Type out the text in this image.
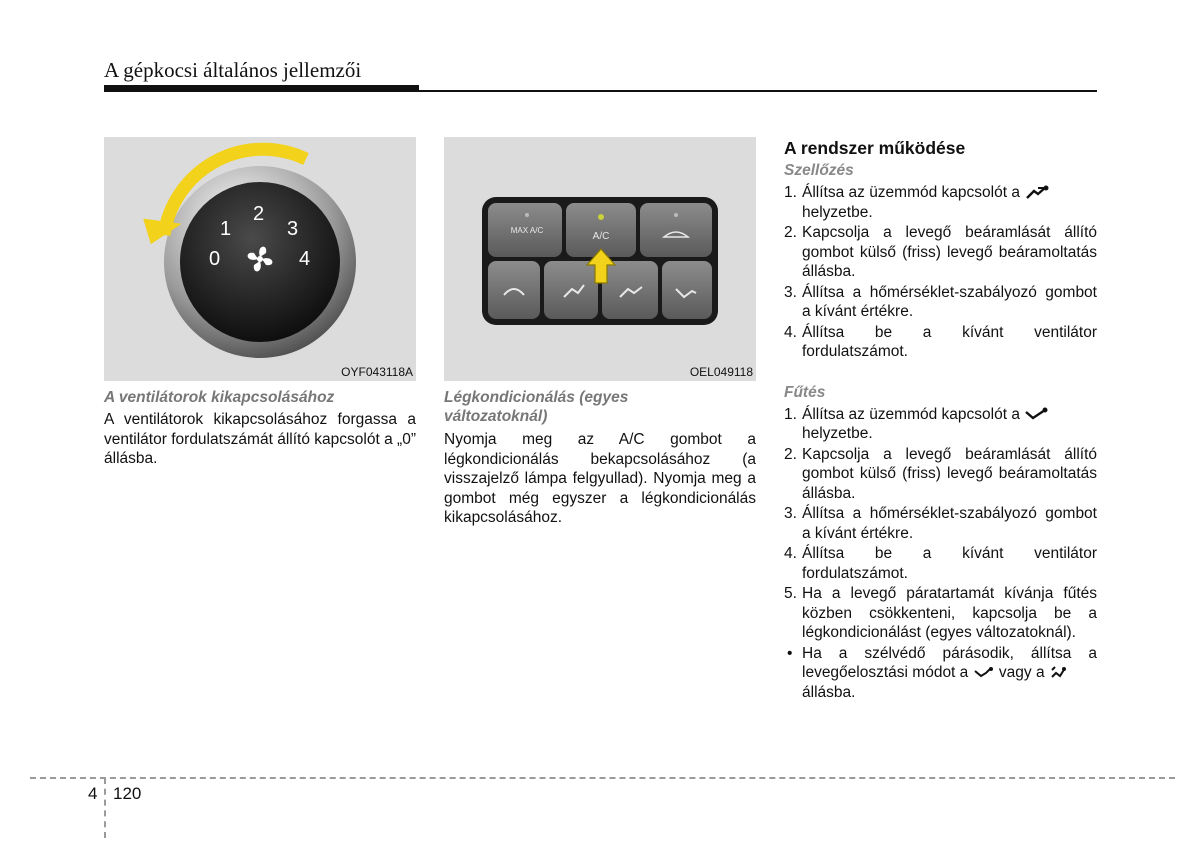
A gépkocsi általános jellemzői
0
1
2
3
4
OYF043118A
MAX A/C
A/C
OEL049118
A ventilátorok kikapcsolásához
A ventilátorok kikapcsolásához forgassa a ventilátor fordulatszámát állító kapcsolót a „0” állásba.
Légkondicionálás (egyes változatoknál)
Nyomja meg az A/C gombot a légkondicionálás bekapcsolásához (a visszajelző lámpa felgyullad). Nyomja meg a gombot még egyszer a légkondicionálás kikapcsolásához.
A rendszer működése
Szellőzés
1. Állítsa az üzemmód kapcsolót a
helyzetbe.
2. Kapcsolja a levegő beáramlását állító gombot külső (friss) levegő beáramoltatás állásba.
3. Állítsa a hőmérséklet-szabályozó gombot a kívánt értékre.
4. Állítsa be a kívánt ventilátor fordulatszámot.
Fűtés
1. Állítsa az üzemmód kapcsolót a
helyzetbe.
2. Kapcsolja a levegő beáramlását állító gombot külső (friss) levegő beáramoltatás állásba.
3. Állítsa a hőmérséklet-szabályozó gombot a kívánt értékre.
4. Állítsa be a kívánt ventilátor fordulatszámot.
5. Ha a levegő páratartamát kívánja fűtés közben csökkenteni, kapcsolja be a légkondicionálást (egyes változatoknál).
• Ha a szélvédő párásodik, állítsa a levegőelosztási módot a vagy a
állásba.
4 120
